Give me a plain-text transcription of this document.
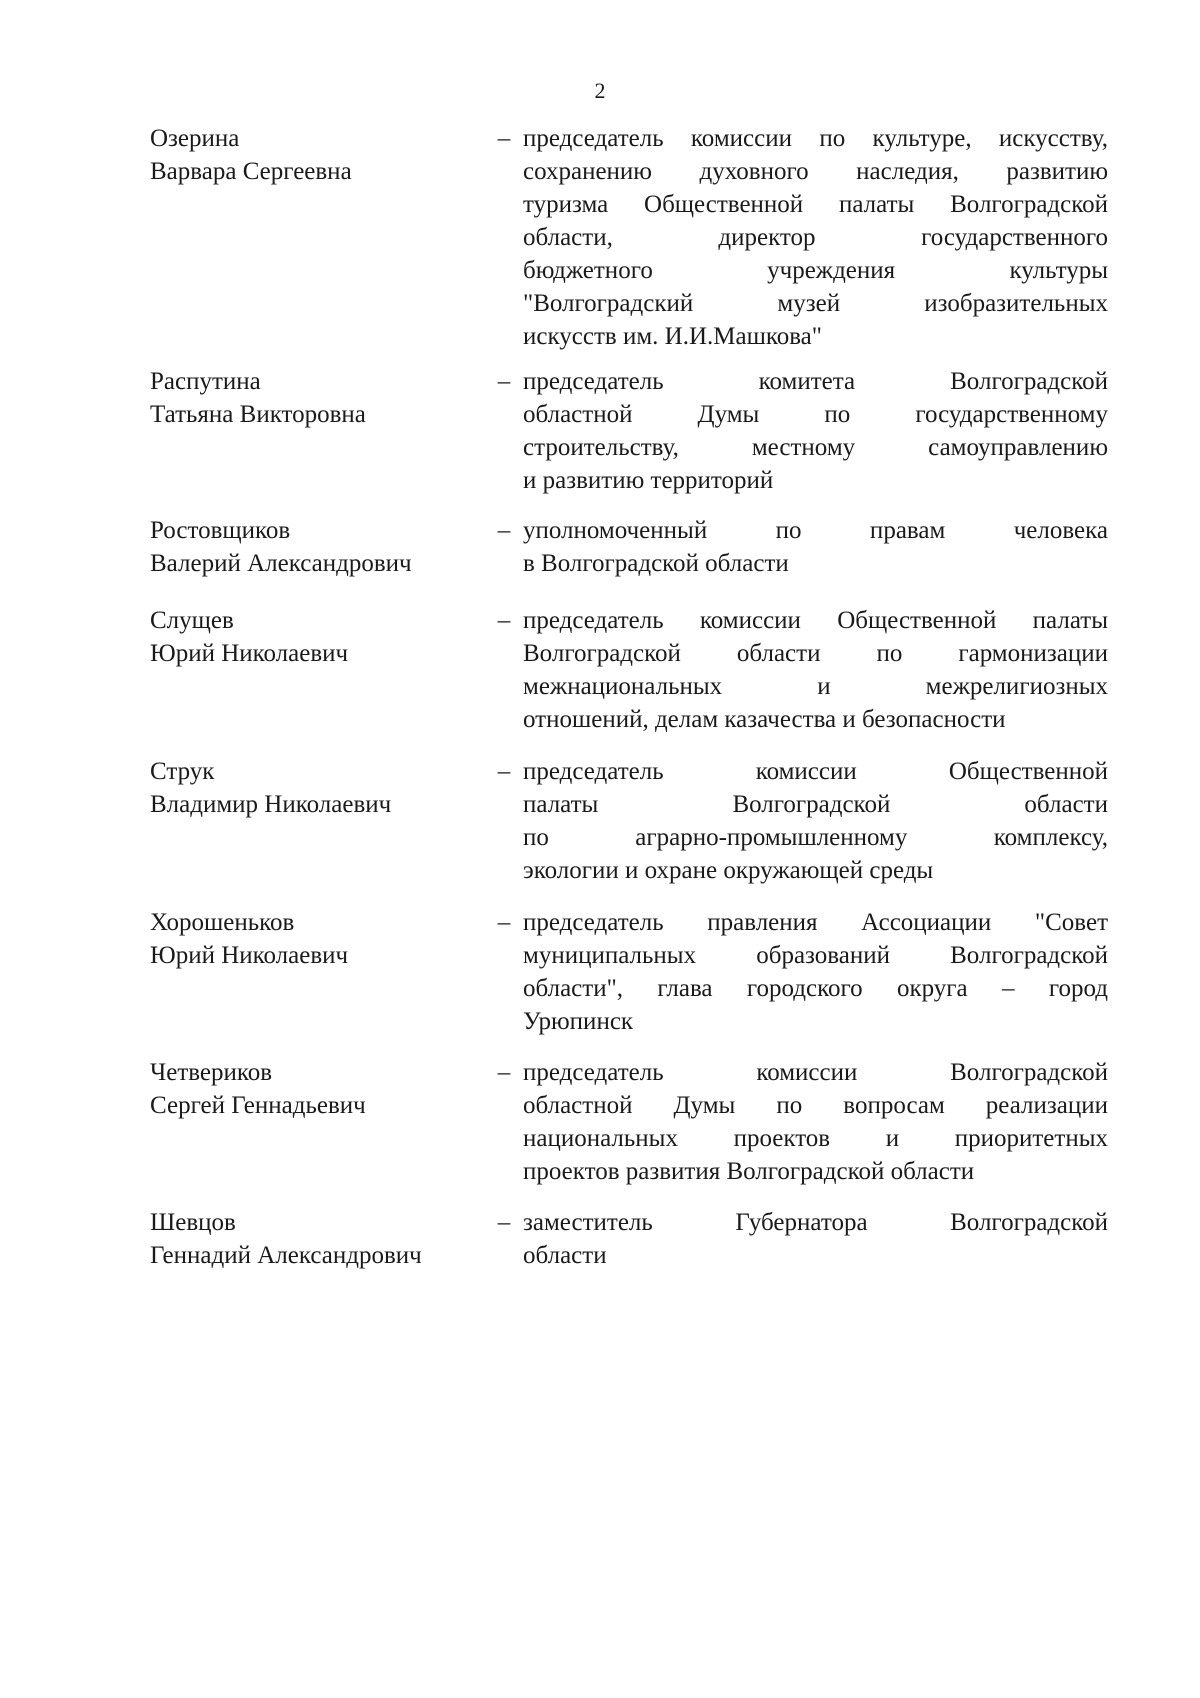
2
Озерина
Варвара Сергеевна
– председатель комиссии по культуре, искусству,
сохранению духовного наследия, развитию
туризма Общественной палаты Волгоградской
области, директор государственного
бюджетного учреждения культуры
"Волгоградский музей изобразительных
искусств им. И.И.Машкова"
Распутина
Татьяна Викторовна
– председатель комитета Волгоградской
областной Думы по государственному
строительству, местному самоуправлению
и развитию территорий
Ростовщиков
Валерий Александрович
– уполномоченный по правам человека
в Волгоградской области
Слущев
Юрий Николаевич
– председатель комиссии Общественной палаты
Волгоградской области по гармонизации
межнациональных и межрелигиозных
отношений, делам казачества и безопасности
Струк
Владимир Николаевич
– председатель комиссии Общественной
палаты Волгоградской области
по аграрно-промышленному комплексу,
экологии и охране окружающей среды
Хорошеньков
Юрий Николаевич
– председатель правления Ассоциации "Совет
муниципальных образований Волгоградской
области", глава городского округа – город
Урюпинск
Четвериков
Сергей Геннадьевич
– председатель комиссии Волгоградской
областной Думы по вопросам реализации
национальных проектов и приоритетных
проектов развития Волгоградской области
Шевцов
Геннадий Александрович
– заместитель Губернатора Волгоградской
области
